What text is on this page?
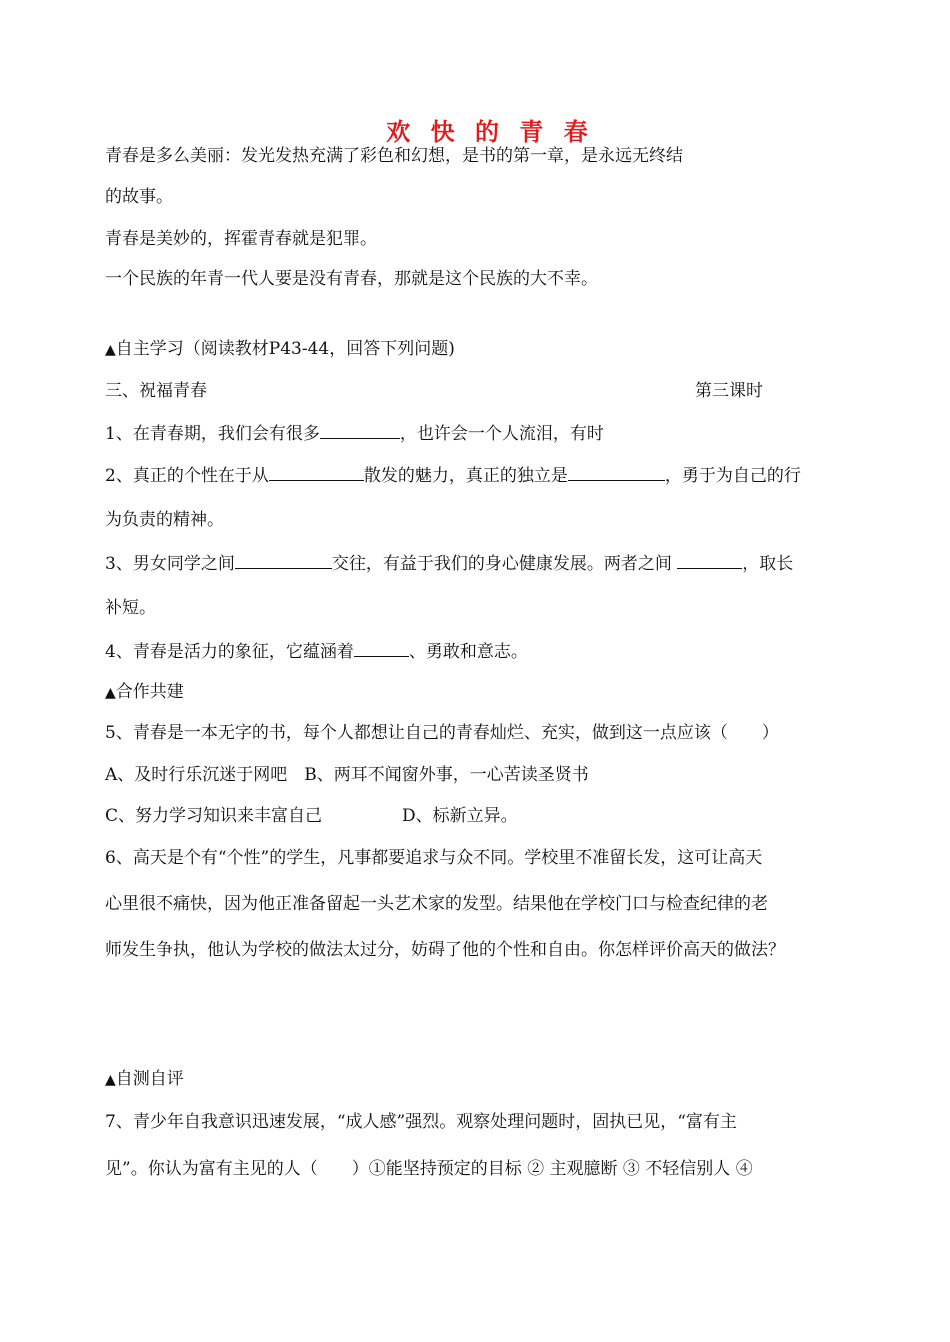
欢 快 的 青 春
青春是多么美丽：发光发热充满了彩色和幻想，是书的第一章，是永远无终结
的故事。
青春是美妙的，挥霍青春就是犯罪。
一个民族的年青一代人要是没有青春，那就是这个民族的大不幸。
▲自主学习（阅读教材P43-44，回答下列问题)
三、祝福青春	第三课时
1、在青春期，我们会有很多	，也许会一个人流泪，有时
2、真正的个性在于从	散发的魅力，真正的独立是	，勇于为自己的行
为负责的精神。
3、男女同学之间	交往，有益于我们的身心健康发展。两者之间	，取长
补短。
4、青春是活力的象征，它蕴涵着	、勇敢和意志。
▲合作共建
5、青春是一本无字的书，每个人都想让自己的青春灿烂、充实，做到这一点应该（　　）
A、及时行乐沉迷于网吧　B、两耳不闻窗外事，一心苦读圣贤书
C、努力学习知识来丰富自己	D、标新立异。
6、高天是个有“个性”的学生，凡事都要追求与众不同。学校里不准留长发，这可让高天
心里很不痛快，因为他正准备留起一头艺术家的发型。结果他在学校门口与检查纪律的老
师发生争执，他认为学校的做法太过分，妨碍了他的个性和自由。你怎样评价高天的做法？
▲自测自评
7、青少年自我意识迅速发展，“成人感”强烈。观察处理问题时，固执已见，“富有主
见”。你认为富有主见的人（　　）①能坚持预定的目标 ② 主观臆断 ③ 不轻信别人 ④
